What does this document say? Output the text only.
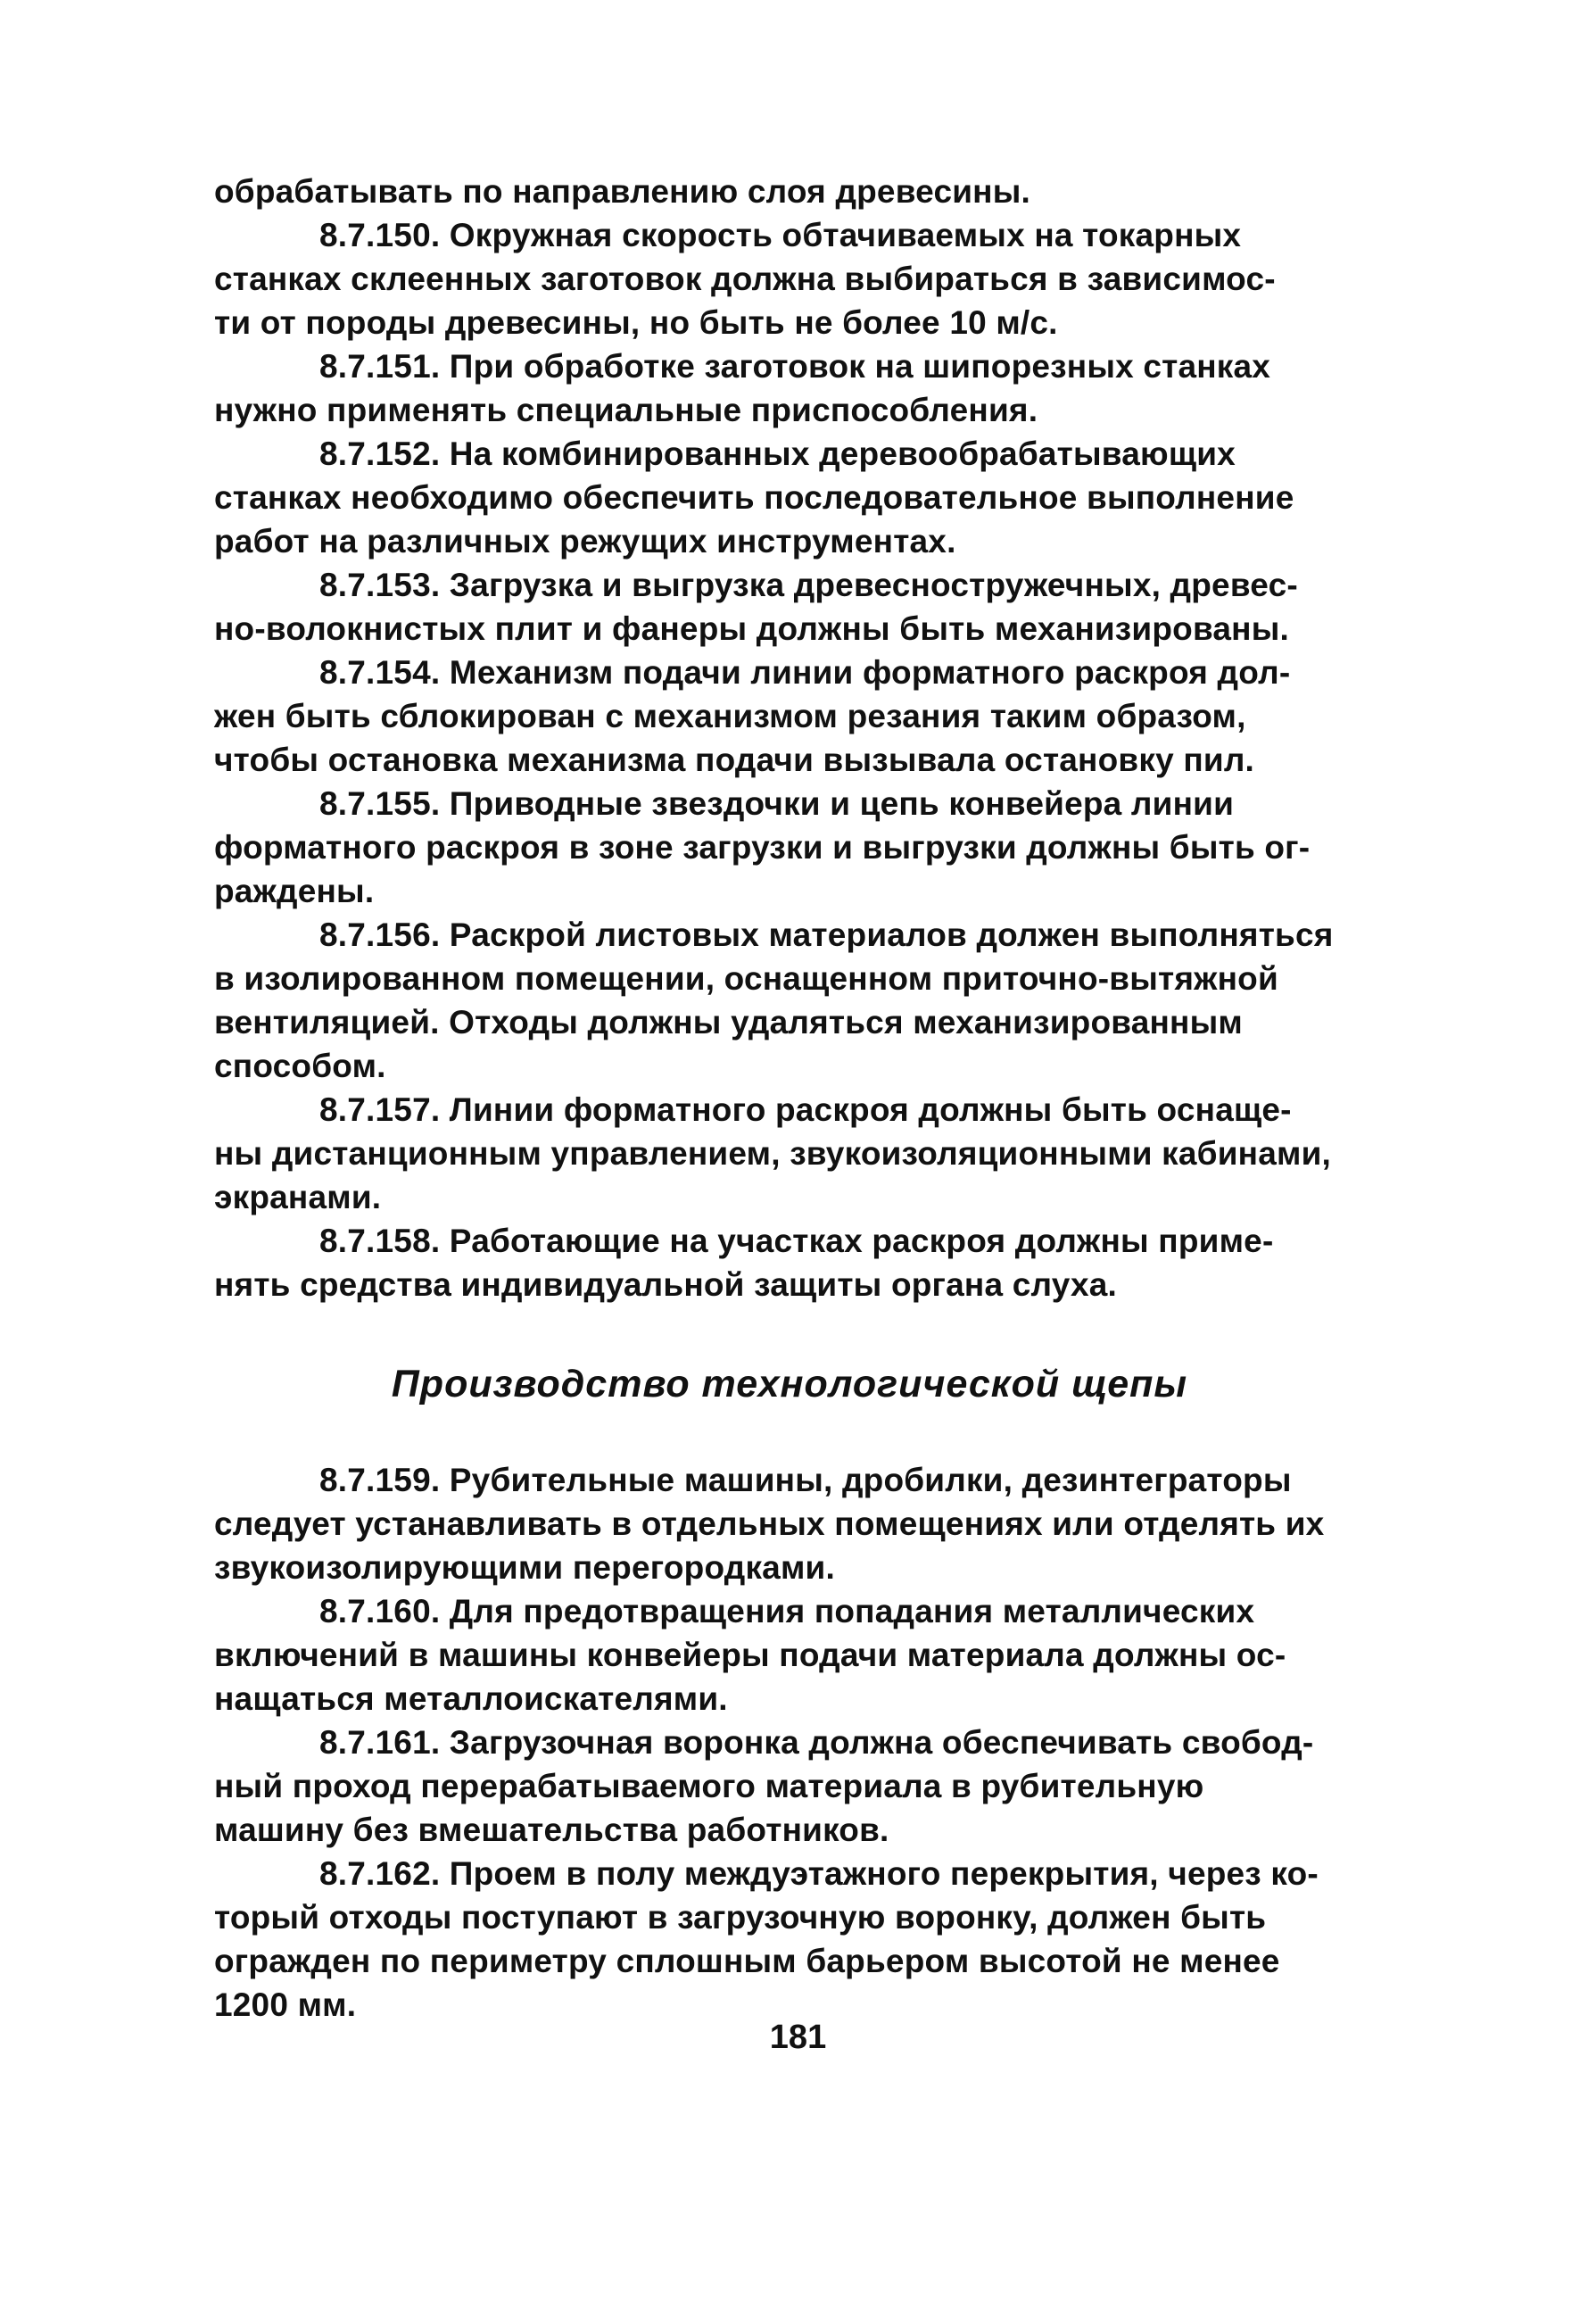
обрабатывать по направлению слоя древесины.
8.7.150. Окружная скорость обтачиваемых на токарных
станках склеенных заготовок должна выбираться в зависимос-
ти от породы древесины, но быть не более 10 м/с.
8.7.151. При обработке заготовок на шипорезных станках
нужно применять специальные приспособления.
8.7.152. На комбинированных деревообрабатывающих
станках необходимо обеспечить последовательное выполнение
работ на различных режущих инструментах.
8.7.153. Загрузка и выгрузка древесностружечных, древес-
но-волокнистых плит и фанеры должны быть механизированы.
8.7.154. Механизм подачи линии форматного раскроя дол-
жен быть сблокирован с механизмом резания таким образом,
чтобы остановка механизма подачи вызывала остановку пил.
8.7.155. Приводные звездочки и цепь конвейера линии
форматного раскроя в зоне загрузки и выгрузки должны быть ог-
раждены.
8.7.156. Раскрой листовых материалов должен выполняться
в изолированном помещении, оснащенном приточно-вытяжной
вентиляцией. Отходы должны удаляться механизированным
способом.
8.7.157. Линии форматного раскроя должны быть оснаще-
ны дистанционным управлением, звукоизоляционными кабинами,
экранами.
8.7.158. Работающие на участках раскроя должны приме-
нять средства индивидуальной защиты органа слуха.
Производство технологической щепы
8.7.159. Рубительные машины, дробилки, дезинтеграторы
следует устанавливать в отдельных помещениях или отделять их
звукоизолирующими перегородками.
8.7.160. Для предотвращения попадания металлических
включений в машины конвейеры подачи материала должны ос-
нащаться металлоискателями.
8.7.161. Загрузочная воронка должна обеспечивать свобод-
ный проход перерабатываемого материала в рубительную
машину без вмешательства работников.
8.7.162. Проем в полу междуэтажного перекрытия, через ко-
торый отходы поступают в загрузочную воронку, должен быть
огражден по периметру сплошным барьером высотой не менее
1200 мм.
181
